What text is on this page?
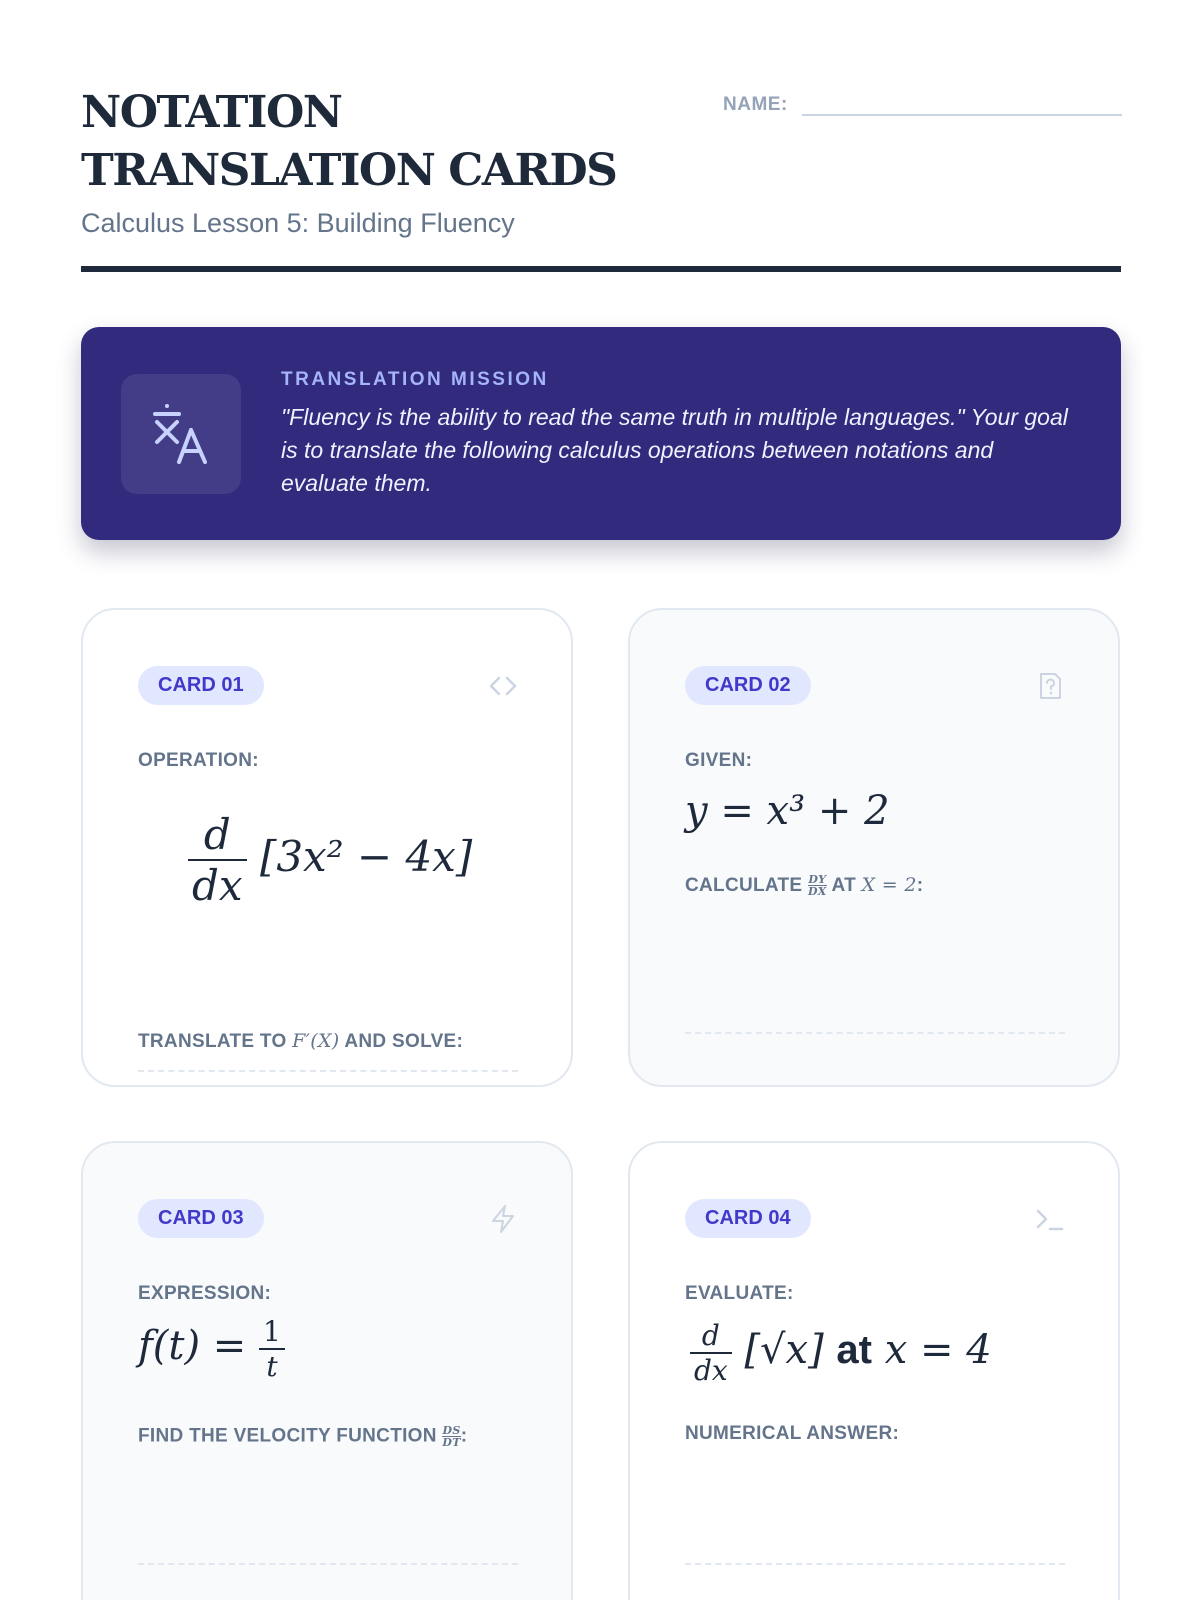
NOTATION TRANSLATION CARDS
Calculus Lesson 5: Building Fluency
NAME:
TRANSLATION MISSION
"Fluency is the ability to read the same truth in multiple languages." Your goal is to translate the following calculus operations between notations and evaluate them.
CARD 01
OPERATION:
$\frac{d}{dx} [3x^2 - 4x]$
TRANSLATE TO F′(X) AND SOLVE:
CARD 02
GIVEN:
y = x³ + 2
CALCULATE $\frac{DY}{DX}$ AT X = 2:
CARD 03
EXPRESSION:
$f(t) = \frac{1}{t}$
FIND THE VELOCITY FUNCTION $\frac{DS}{DT}$ :
CARD 04
EVALUATE:
$\frac{d}{dx} [√x]$ at x = 4
NUMERICAL ANSWER:
